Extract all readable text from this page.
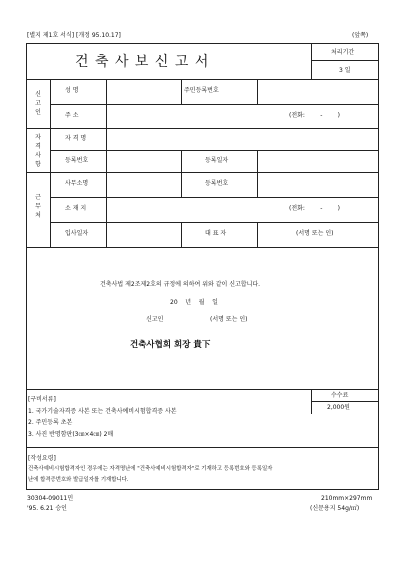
[별지 제1호 서식] [개정 95.10.17]	(앞쪽)
건 축 사 보 신 고 서
처리기간
3 일
신고인
자격사항
근무처
성 명	주민등록번호
주 소	(전화:        -        )
자 격 명
등록번호	등록일자
사무소명	등록번호
소 재 지	(전화:        -        )
입사일자	대 표 자	(서명 또는 인)
건축사법 제2조제2호의 규정에 의하여 위와 같이 신고합니다.
20    년    월    일
신고인	(서명 또는 인)
건축사협회 회장 貴下
수수료
2,000원
[구비서류]
1. 국가기술자격증 사본 또는 건축사예비시험합격증 사본
2. 주민등록 초본
3. 사진 반명함판(3㎝×4㎝) 2매
[작성요령]
건축사예비시험합격자인 경우에는 자격명난에 "건축사예비시험합격자"로 기재하고 등록번호와 등록일자
난에 합격증번호와 발급일자를 기재합니다.
30304-09011민
'95. 6.21 승인
210mm×297mm
(신문용지 54g/㎡)
